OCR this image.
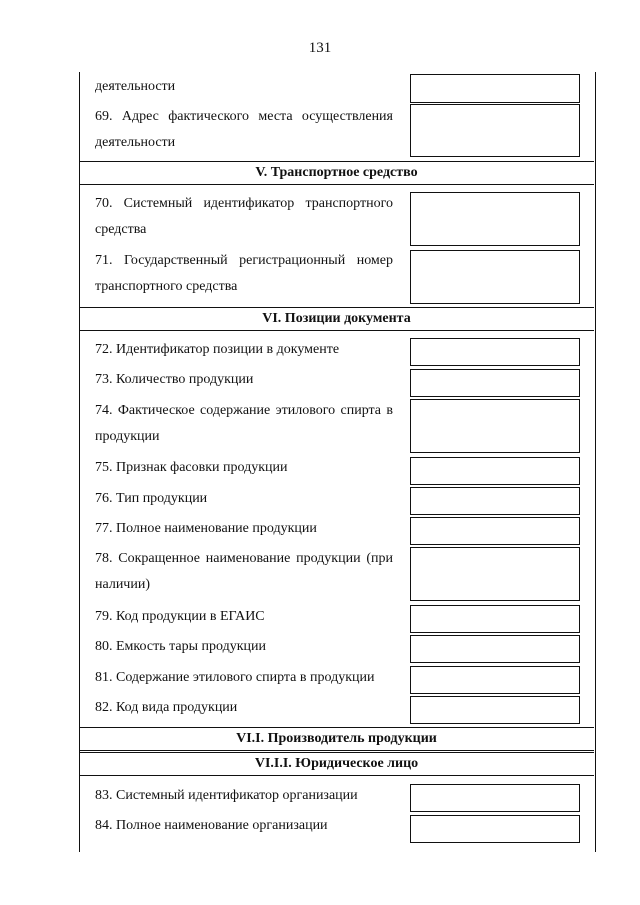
131
V. Транспортное средство
VI. Позиции документа
VI.I. Производитель продукции
VI.I.I. Юридическое лицо
деятельности
69. Адрес фактического места осуществления деятельности
70. Системный идентификатор транспортного средства
71. Государственный регистрационный номер транспортного средства
72. Идентификатор позиции в документе
73. Количество продукции
74. Фактическое содержание этилового спирта в продукции
75. Признак фасовки продукции
76. Тип продукции
77. Полное наименование продукции
78. Сокращенное наименование продукции (при наличии)
79. Код продукции в ЕГАИС
80. Емкость тары продукции
81. Содержание этилового спирта в продукции
82. Код вида продукции
83. Системный идентификатор организации
84. Полное наименование организации
